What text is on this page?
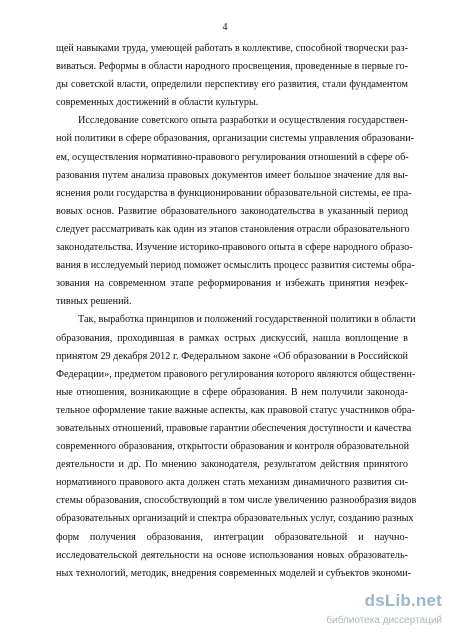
4
щей навыками труда, умеющей работать в коллективе, способной творчески раз-
виваться. Реформы в области народного просвещения, проведенные в первые го-
ды советской власти, определили перспективу его развития, стали фундаментом
современных достижений в области культуры.
Исследование советского опыта разработки и осуществления государствен-
ной политики в сфере образования, организации системы управления образовани-
ем, осуществления нормативно-правового регулирования отношений в сфере об-
разования путем анализа правовых документов имеет большое значение для вы-
яснения роли государства в функционировании образовательной системы, ее пра-
вовых основ. Развитие образовательного законодательства в указанный период
следует рассматривать как один из этапов становления отрасли образовательного
законодательства. Изучение историко-правового опыта в сфере народного образо-
вания в исследуемый период поможет осмыслить процесс развития системы обра-
зования на современном этапе реформирования и избежать принятия неэфек-
тивных решений.
Так, выработка принципов и положений государственной политики в области
образования, проходившая в рамках острых дискуссий, нашла воплощение в
принятом 29 декабря 2012 г. Федеральном законе «Об образовании в Российской
Федерации», предметом правового регулирования которого являются общественн-
ные отношения, возникающие в сфере образования. В нем получили законода-
тельное оформление такие важные аспекты, как правовой статус участников обра-
зовательных отношений, правовые гарантии обеспечения доступности и качества
современного образования, открытости образования и контроля образовательной
деятельности и др. По мнению законодателя, результатом действия принятого
нормативного правового акта должен стать механизм динамичного развития си-
стемы образования, способствующий в том числе увеличению разнообразия видов
образовательных организаций и спектра образовательных услуг, созданию разных
форм получения образования, интеграции образовательной и научно-
исследовательской деятельности на основе использования новых образователь-
ных технологий, методик, внедрения современных моделей и субъектов экономи-
dsLib.net
библиотека диссертаций
